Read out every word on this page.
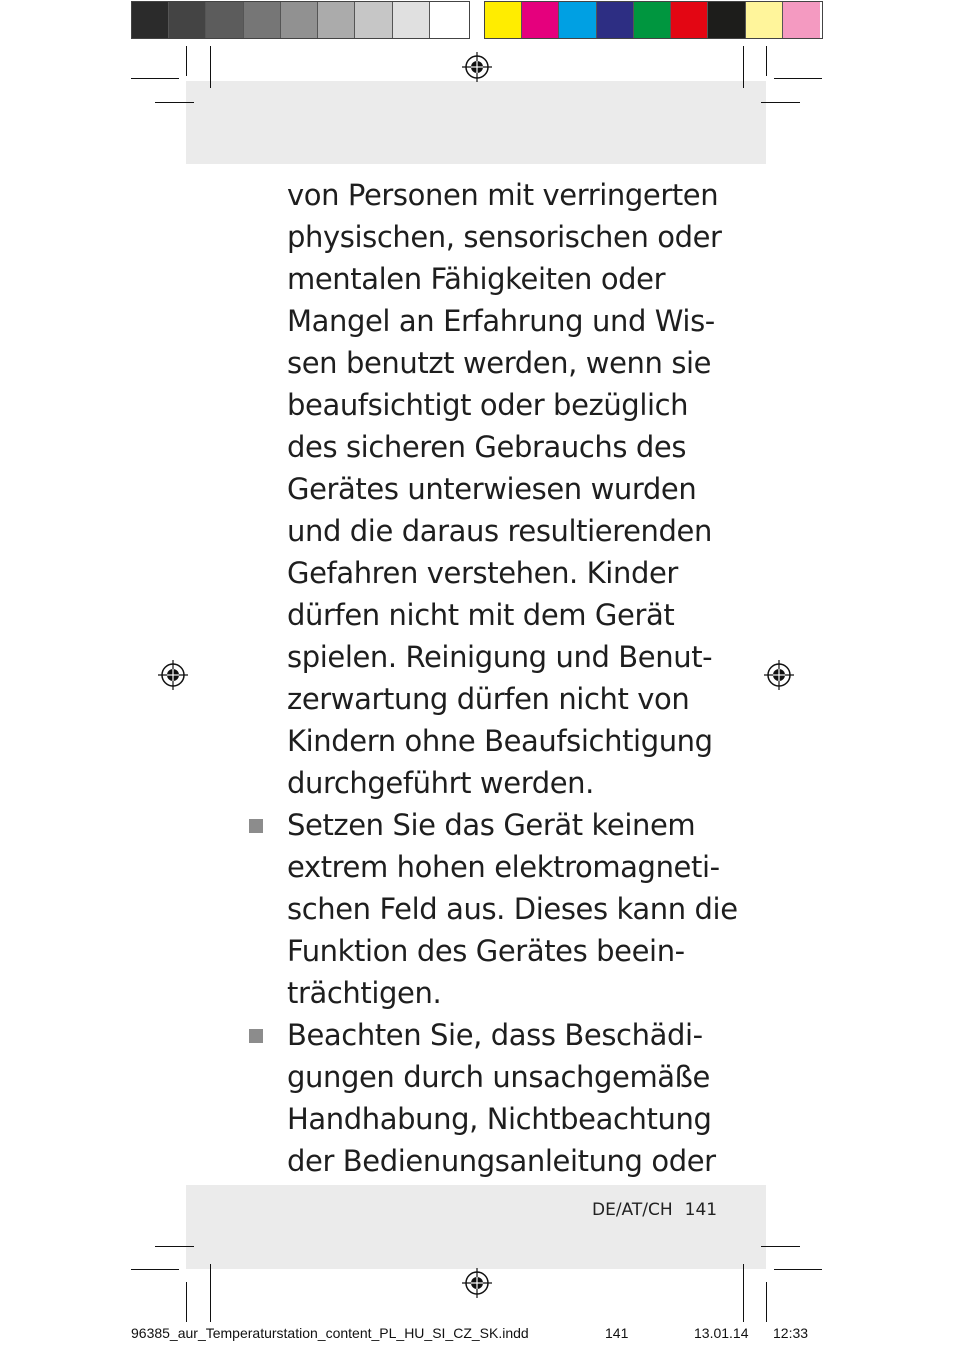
von Personen mit verringerten
physischen, sensorischen oder
mentalen Fähigkeiten oder
Mangel an Erfahrung und Wis-
sen benutzt werden, wenn sie
beaufsichtigt oder bezüglich
des sicheren Gebrauchs des
Gerätes unterwiesen wurden
und die daraus resultierenden
Gefahren verstehen. Kinder
dürfen nicht mit dem Gerät
spielen. Reinigung und Benut-
zerwartung dürfen nicht von
Kindern ohne Beaufsichtigung
durchgeführt werden.
Setzen Sie das Gerät keinem
extrem hohen elektromagneti-
schen Feld aus. Dieses kann die
Funktion des Gerätes beein-
trächtigen.
Beachten Sie, dass Beschädi-
gungen durch unsachgemäße
Handhabung, Nichtbeachtung
der Bedienungsanleitung oder
DE/AT/CH 141
96385_aur_Temperaturstation_content_PL_HU_SI_CZ_SK.indd	141	13.01.14 12:33
